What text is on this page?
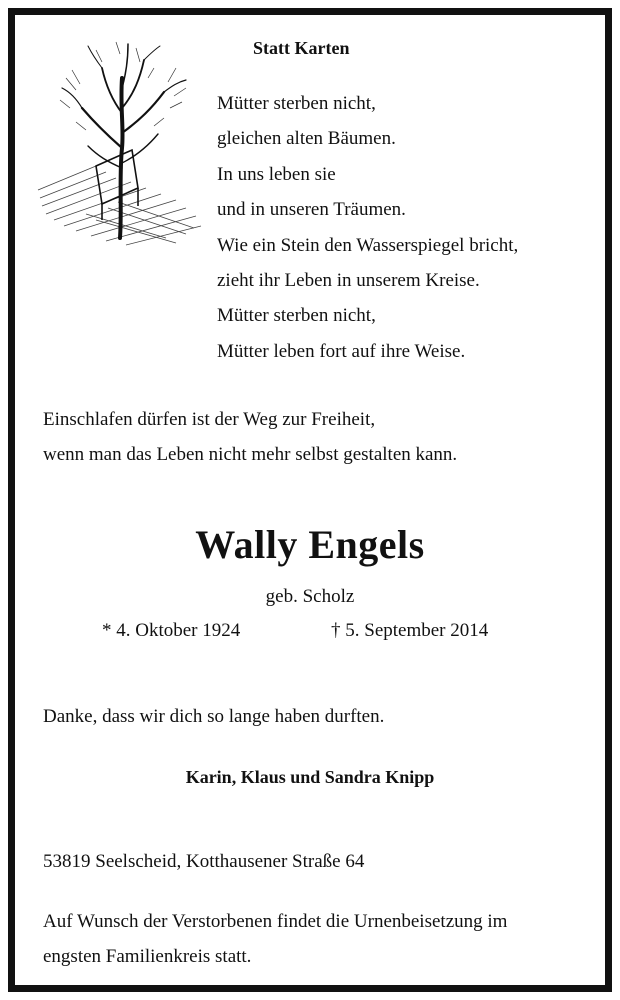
Statt Karten
Mütter sterben nicht,
gleichen alten Bäumen.
In uns leben sie
und in unseren Träumen.
Wie ein Stein den Wasserspiegel bricht,
zieht ihr Leben in unserem Kreise.
Mütter sterben nicht,
Mütter leben fort auf ihre Weise.
Einschlafen dürfen ist der Weg zur Freiheit,
wenn man das Leben nicht mehr selbst gestalten kann.
Wally Engels
geb. Scholz
* 4. Oktober 1924	† 5. September 2014
Danke, dass wir dich so lange haben durften.
Karin, Klaus und Sandra Knipp
53819 Seelscheid, Kotthausener Straße 64
Auf Wunsch der Verstorbenen findet die Urnenbeisetzung im
engsten Familienkreis statt.
